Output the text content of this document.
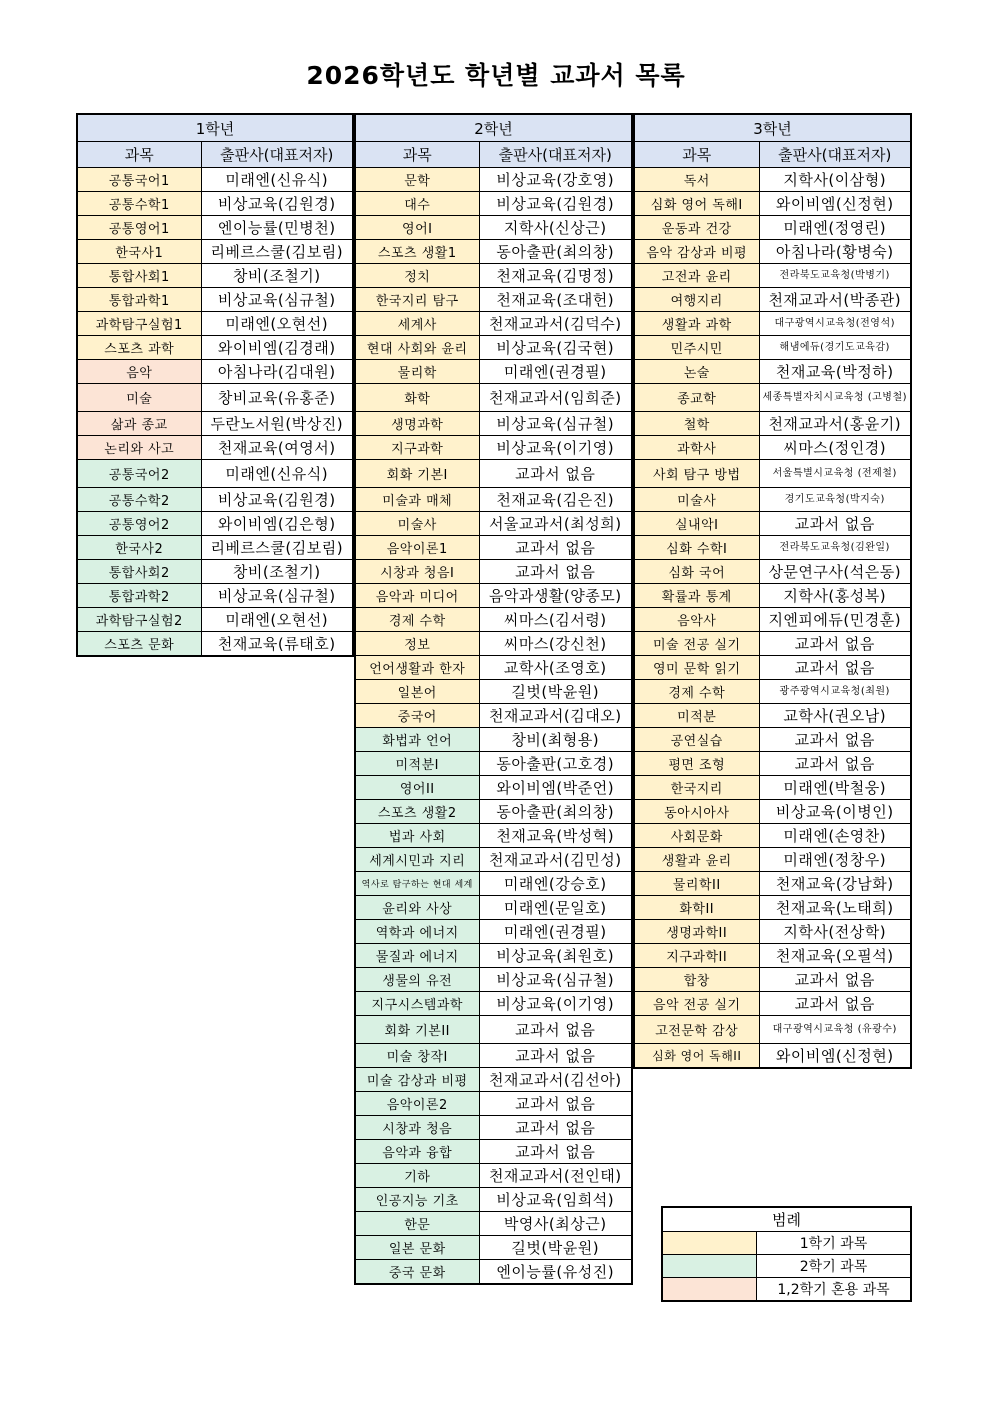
2026학년도 학년별 교과서 목록
1학년	
과목	출판사(대표저자)
공통국어1	미래엔(신유식)
공통수학1	비상교육(김원경)
공통영어1	엔이능률(민병천)
한국사1	리베르스쿨(김보림)
통합사회1	창비(조철기)
통합과학1	비상교육(심규철)
과학탐구실험1	미래엔(오현선)
스포츠 과학	와이비엠(김경래)
음악	아침나라(김대원)
미술	창비교육(유홍준)
삶과 종교	두란노서원(박상진)
논리와 사고	천재교육(여영서)
공통국어2	미래엔(신유식)
공통수학2	비상교육(김원경)
공통영어2	와이비엠(김은형)
한국사2	리베르스쿨(김보림)
통합사회2	창비(조철기)
통합과학2	비상교육(심규철)
과학탐구실험2	미래엔(오현선)
스포츠 문화	천재교육(류태호)
2학년	
과목	출판사(대표저자)
문학	비상교육(강호영)
대수	비상교육(김원경)
영어I	지학사(신상근)
스포츠 생활1	동아출판(최의창)
정치	천재교육(김명정)
한국지리 탐구	천재교육(조대헌)
세계사	천재교과서(김덕수)
현대 사회와 윤리	비상교육(김국현)
물리학	미래엔(권경필)
화학	천재교과서(임희준)
생명과학	비상교육(심규철)
지구과학	비상교육(이기영)
회화 기본I	교과서 없음
미술과 매체	천재교육(김은진)
미술사	서울교과서(최성희)
음악이론1	교과서 없음
시창과 청음I	교과서 없음
음악과 미디어	음악과생활(양종모)
경제 수학	씨마스(김서령)
정보	씨마스(강신천)
언어생활과 한자	교학사(조영호)
일본어	길벗(박윤원)
중국어	천재교과서(김대오)
화법과 언어	창비(최형용)
미적분I	동아출판(고호경)
영어II	와이비엠(박준언)
스포츠 생활2	동아출판(최의창)
법과 사회	천재교육(박성혁)
세계시민과 지리	천재교과서(김민성)
역사로 탐구하는 현대 세계	미래엔(강승호)
윤리와 사상	미래엔(문일호)
역학과 에너지	미래엔(권경필)
물질과 에너지	비상교육(최원호)
생물의 유전	비상교육(심규철)
지구시스템과학	비상교육(이기영)
회화 기본II	교과서 없음
미술 창작I	교과서 없음
미술 감상과 비평	천재교과서(김선아)
음악이론2	교과서 없음
시창과 청음	교과서 없음
음악과 융합	교과서 없음
기하	천재교과서(전인태)
인공지능 기초	비상교육(임희석)
한문	박영사(최상근)
일본 문화	길벗(박윤원)
중국 문화	엔이능률(유성진)
3학년	
과목	출판사(대표저자)
독서	지학사(이삼형)
심화 영어 독해I	와이비엠(신정현)
운동과 건강	미래엔(정영린)
음악 감상과 비평	아침나라(황병숙)
고전과 윤리	전라북도교육청(박병기)
여행지리	천재교과서(박종관)
생활과 과학	대구광역시교육청(전영석)
민주시민	해냄에듀(경기도교육감)
논술	천재교육(박정하)
종교학	세종특별자치시교육청 (고병철)
철학	천재교과서(홍윤기)
과학사	씨마스(정인경)
사회 탐구 방법	서울특별시교육청 (전제철)
미술사	경기도교육청(박지숙)
실내악I	교과서 없음
심화 수학I	전라북도교육청(김완일)
심화 국어	상문연구사(석은동)
확률과 통계	지학사(홍성복)
음악사	지엔피에듀(민경훈)
미술 전공 실기	교과서 없음
영미 문학 읽기	교과서 없음
경제 수학	광주광역시교육청(최원)
미적분	교학사(권오남)
공연실습	교과서 없음
평면 조형	교과서 없음
한국지리	미래엔(박철웅)
동아시아사	비상교육(이병인)
사회문화	미래엔(손영찬)
생활과 윤리	미래엔(정창우)
물리학II	천재교육(강남화)
화학II	천재교육(노태희)
생명과학II	지학사(전상학)
지구과학II	천재교육(오필석)
합창	교과서 없음
음악 전공 실기	교과서 없음
고전문학 감상	대구광역시교육청 (유광수)
심화 영어 독해II	와이비엠(신정현)
범례	
	1학기 과목
	2학기 과목
	1,2학기 혼용 과목
